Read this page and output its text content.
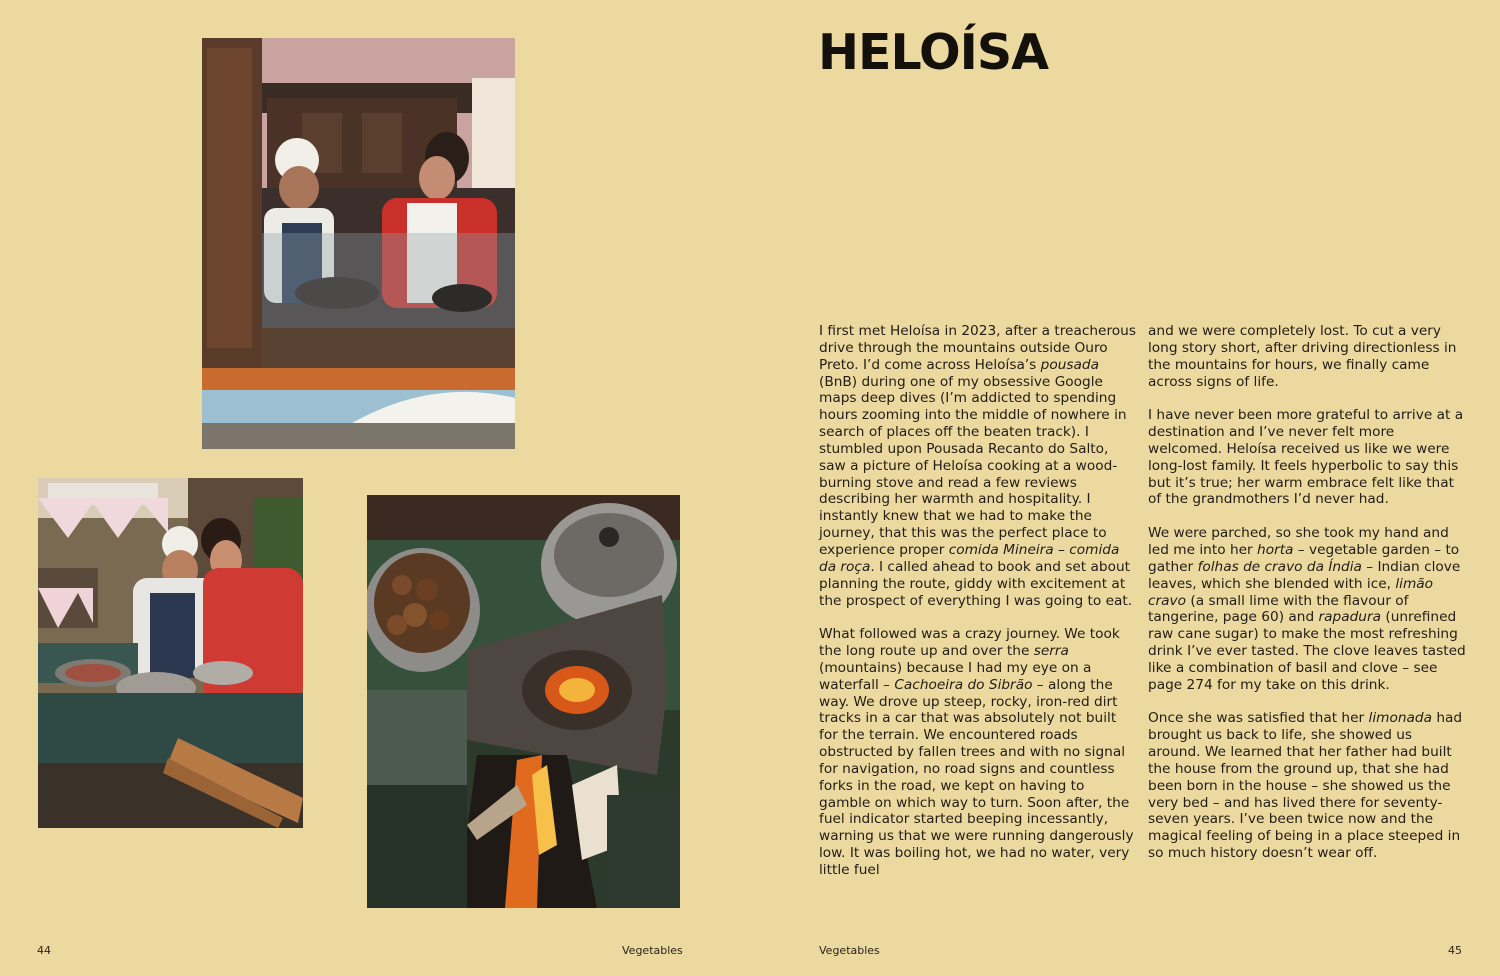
HELOÍSA

I first met Heloísa in 2023, after a treacherous drive through the mountains outside Ouro Preto. I’d come across Heloísa’s pousada (BnB) during one of my obsessive Google maps deep dives (I’m addicted to spending hours zooming into the middle of nowhere in search of places off the beaten track). I stumbled upon Pousada Recanto do Salto, saw a picture of Heloísa cooking at a wood-burning stove and read a few reviews describing her warmth and hospitality. I instantly knew that we had to make the journey, that this was the perfect place to experience proper comida Mineira – comida da roça. I called ahead to book and set about planning the route, giddy with excitement at the prospect of everything I was going to eat.

What followed was a crazy journey. We took the long route up and over the serra (mountains) because I had my eye on a waterfall – Cachoeira do Sibrão – along the way. We drove up steep, rocky, iron-red dirt tracks in a car that was absolutely not built for the terrain. We encountered roads obstructed by fallen trees and with no signal for navigation, no road signs and countless forks in the road, we kept on having to gamble on which way to turn. Soon after, the fuel indicator started beeping incessantly, warning us that we were running dangerously low. It was boiling hot, we had no water, very little fuel

and we were completely lost. To cut a very long story short, after driving directionless in the mountains for hours, we finally came across signs of life.

I have never been more grateful to arrive at a destination and I’ve never felt more welcomed. Heloísa received us like we were long-lost family. It feels hyperbolic to say this but it’s true; her warm embrace felt like that of the grandmothers I’d never had.

We were parched, so she took my hand and led me into her horta – vegetable garden – to gather folhas de cravo da Índia – Indian clove leaves, which she blended with ice, limão cravo (a small lime with the flavour of tangerine, page 60) and rapadura (unrefined raw cane sugar) to make the most refreshing drink I’ve ever tasted. The clove leaves tasted like a combination of basil and clove – see page 274 for my take on this drink.

Once she was satisfied that her limonada had brought us back to life, she showed us around. We learned that her father had built the house from the ground up, that she had been born in the house – she showed us the very bed – and has lived there for seventy-seven years. I’ve been twice now and the magical feeling of being in a place steeped in so much history doesn’t wear off.

44	Vegetables	Vegetables	45
